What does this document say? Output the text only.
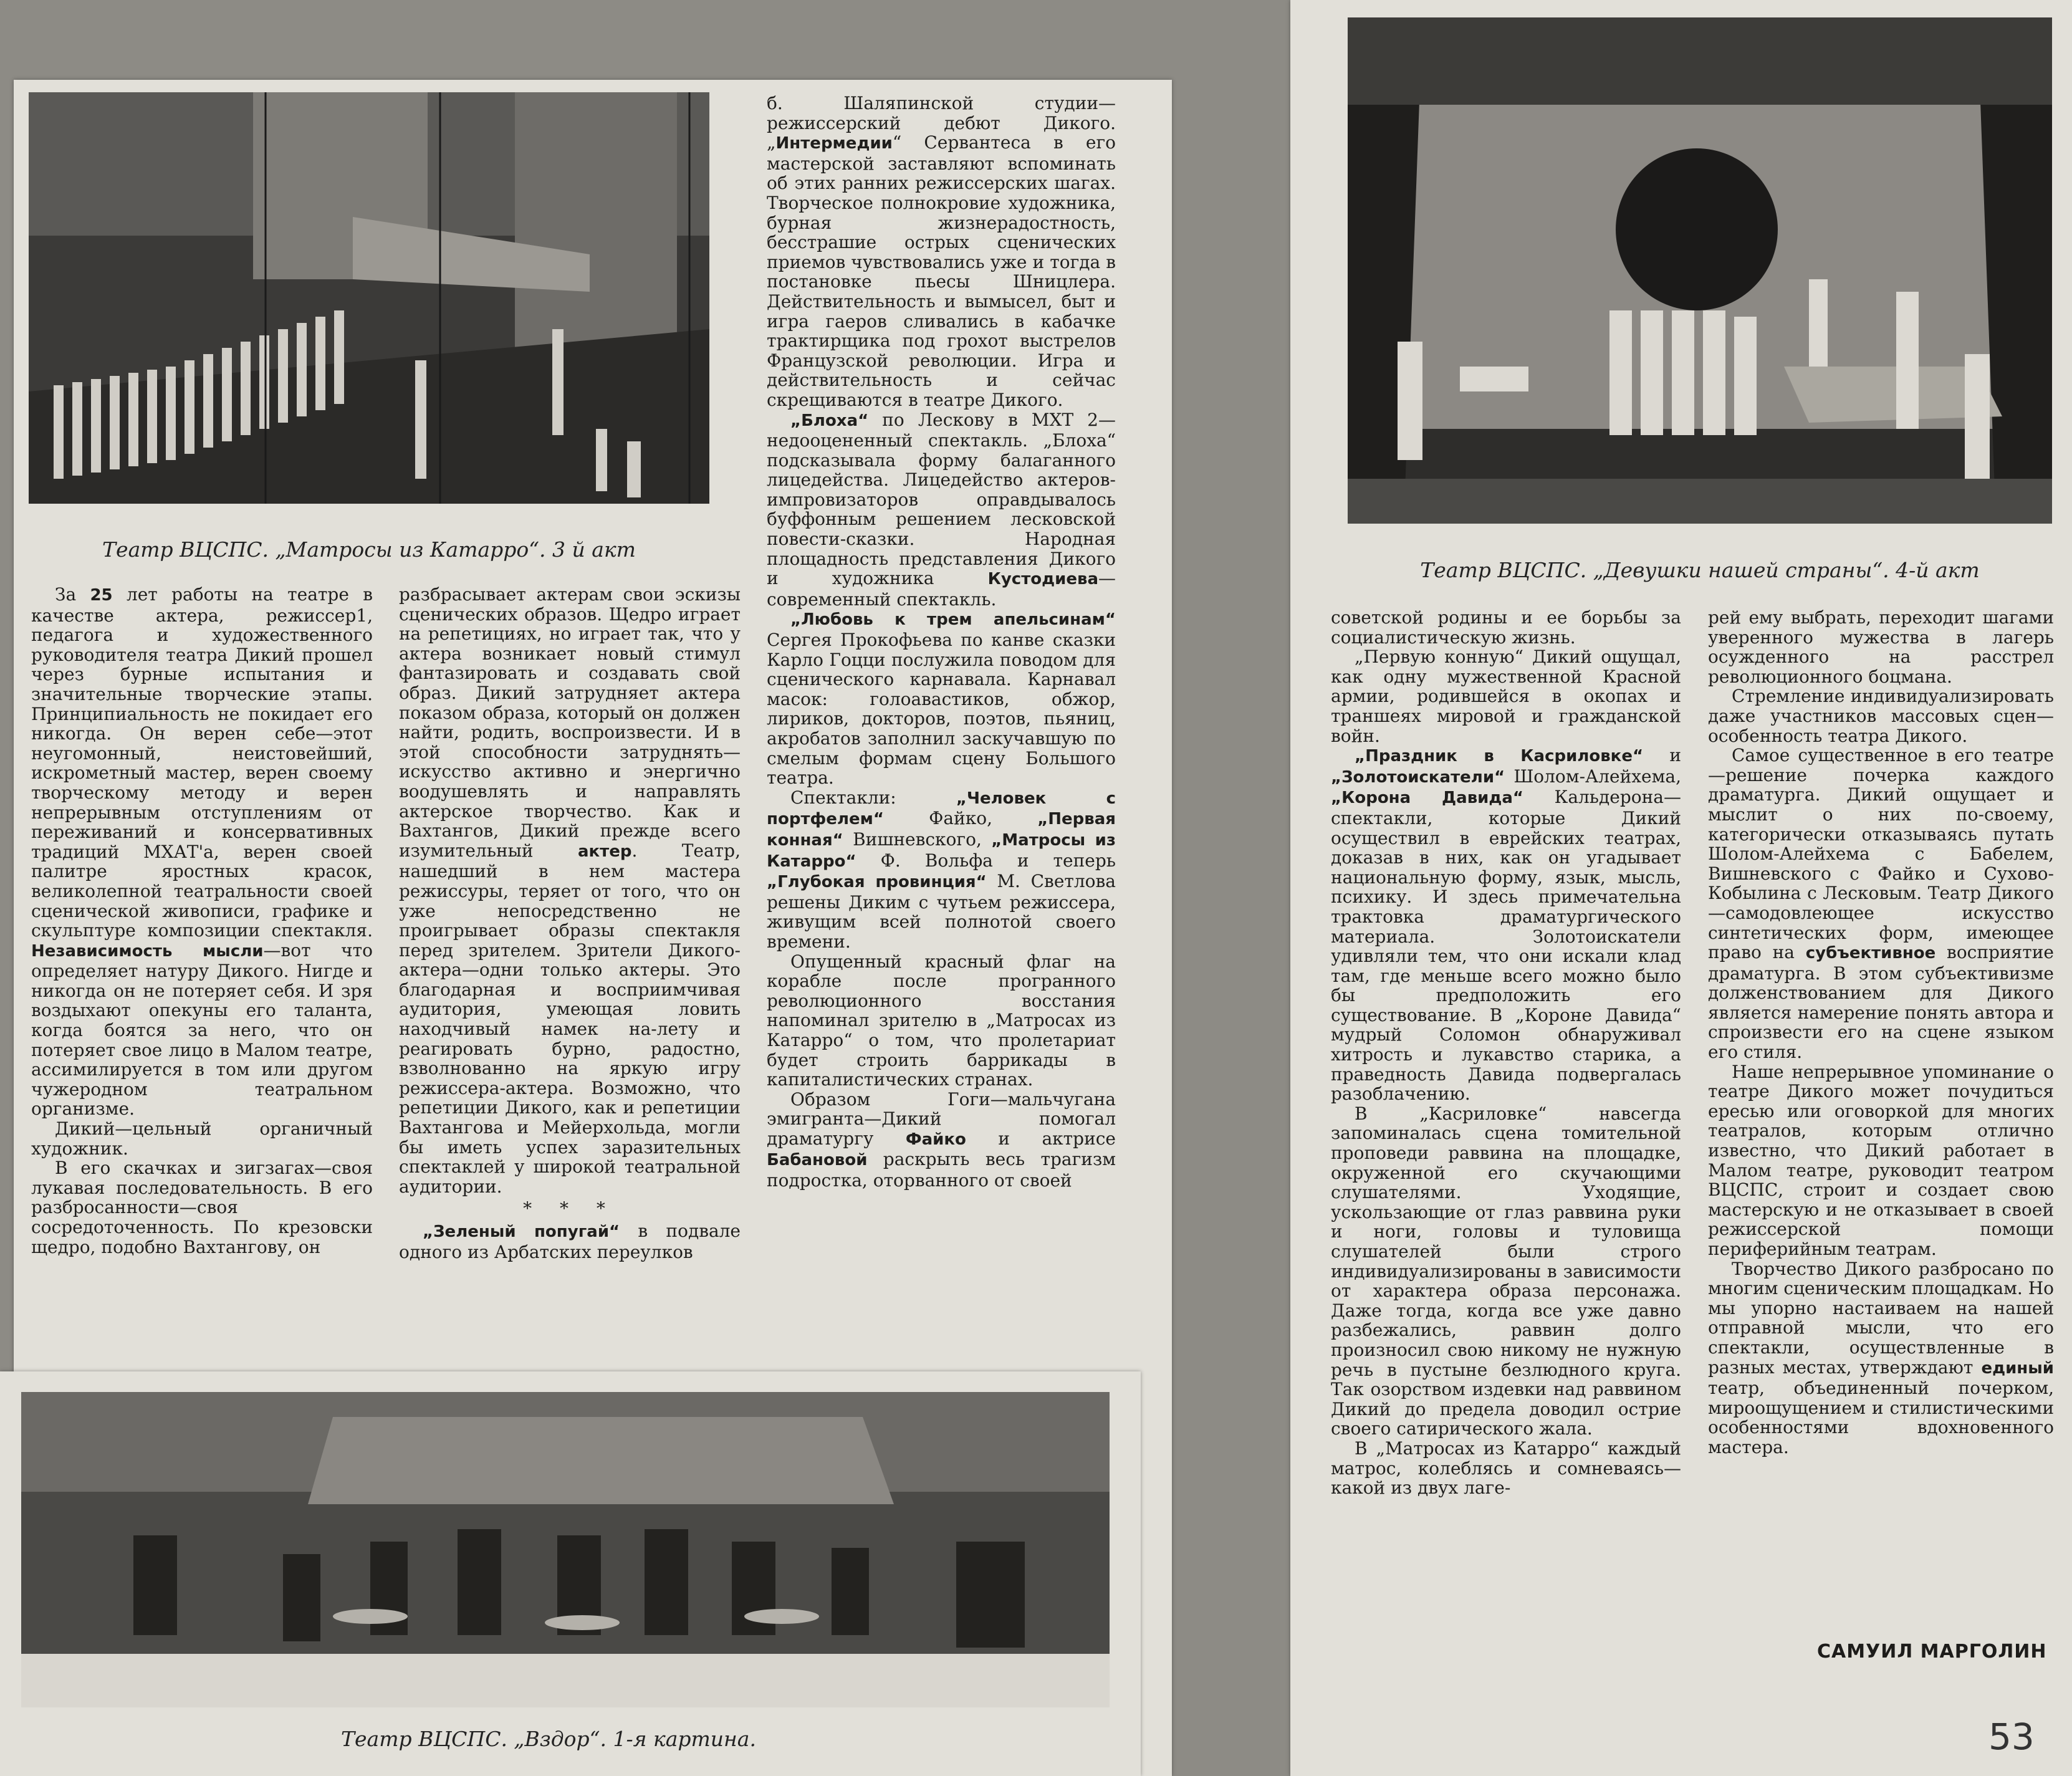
Театр ВЦСПС. „Матросы из Катарро“. 3 й акт

За 25 лет работы на театре в качестве актера, режиссер1, педагога и художественного руководителя театра Дикий прошел через бурные испытания и значительные творческие этапы. Принципиальность не покидает его никогда. Он верен себе—этот неугомонный, неистовейший, искрометный мастер, верен своему творческому методу и верен непрерывным отступлениям от переживаний и консервативных традиций МХАТ'а, верен своей палитре яростных красок, великолепной театральности своей сценической живописи, графике и скульптуре композиции спектакля. Независимость мысли—вот что определяет натуру Дикого. Нигде и никогда он не потеряет себя. И зря воздыхают опекуны его таланта, когда боятся за него, что он потеряет свое лицо в Малом театре, ассимилируется в том или другом чужеродном театральном организме.

Дикий—цельный органичный художник.

В его скачках и зигзагах—своя лукавая последовательность. В его разбросанности—своя сосредоточенность. По крезовски щедро, подобно Вахтангову, он

разбрасывает актерам свои эскизы сценических образов. Щедро играет на репетициях, но играет так, что у актера возникает новый стимул фантазировать и создавать свой образ. Дикий затрудняет актера показом образа, который он должен найти, родить, воспроизвести. И в этой способности затруднять—искусство активно и энергично воодушевлять и направлять актерское творчество. Как и Вахтангов, Дикий прежде всего изумительный актер. Театр, нашедший в нем мастера режиссуры, теряет от того, что он уже непосредственно не проигрывает образы спектакля перед зрителем. Зрители Дикого-актера—одни только актеры. Это благодарная и восприимчивая аудитория, умеющая ловить находчивый намек на-лету и реагировать бурно, радостно, взволнованно на яркую игру режиссера-актера. Возможно, что репетиции Дикого, как и репетиции Вахтангова и Мейерхольда, могли бы иметь успех заразительных спектаклей у широкой театральной аудитории.

* * *

„Зеленый попугай“ в подвале одного из Арбатских переулков

б. Шаляпинской студии—режиссерский дебют Дикого. „Интермедии“ Сервантеса в его мастерской заставляют вспоминать об этих ранних режиссерских шагах. Творческое полнокровие художника, бурная жизнерадостность, бесстрашие острых сценических приемов чувствовались уже и тогда в постановке пьесы Шницлера. Действительность и вымысел, быт и игра гаеров сливались в кабачке трактирщика под грохот выстрелов Французской революции. Игра и действительность и сейчас скрещиваются в театре Дикого.

„Блоха“ по Лескову в МХТ 2—недооцененный спектакль. „Блоха“ подсказывала форму балаганного лицедейства. Лицедейство актеров-импровизаторов оправдывалось буффонным решением лесковской повести-сказки. Народная площадность представления Дикого и художника Кустодиева—современный спектакль.

„Любовь к трем апельсинам“ Сергея Прокофьева по канве сказки Карло Гоцци послужила поводом для сценического карнавала. Карнавал масок: голоавастиков, обжор, лириков, докторов, поэтов, пьяниц, акробатов заполнил заскучавшую по смелым формам сцену Большого театра.

Спектакли: „Человек с портфелем“ Файко, „Первая конная“ Вишневского, „Матросы из Катарро“ Ф. Вольфа и теперь „Глубокая провинция“ М. Светлова решены Диким с чутьем режиссера, живущим всей полнотой своего времени.

Опущенный красный флаг на корабле после програнного революционного восстания напоминал зрителю в „Матросах из Катарро“ о том, что пролетариат будет строить баррикады в капиталистических странах.

Образом Гоги—мальчугана эмигранта—Дикий помогал драматургу Файко и актрисе Бабановой раскрыть весь трагизм подростка, оторванного от своей

Театр ВЦСПС. „Вздор“. 1-я картина.
Театр ВЦСПС. „Девушки нашей страны“. 4-й акт

советской родины и ее борьбы за социалистическую жизнь.

„Первую конную“ Дикий ощущал, как одну мужественной Красной армии, родившейся в окопах и траншеях мировой и гражданской войн.

„Праздник в Касриловке“ и „Золотоискатели“ Шолом-Алейхема, „Корона Давида“ Кальдерона—спектакли, которые Дикий осуществил в еврейских театрах, доказав в них, как он угадывает национальную форму, язык, мысль, психику. И здесь примечательна трактовка драматургического материала. Золотоискатели удивляли тем, что они искали клад там, где меньше всего можно было бы предположить его существование. В „Короне Давида“ мудрый Соломон обнаруживал хитрость и лукавство старика, а праведность Давида подвергалась разоблачению.

В „Касриловке“ навсегда запоминалась сцена томительной проповеди раввина на площадке, окруженной его скучающими слушателями. Уходящие, ускользающие от глаз раввина руки и ноги, головы и туловища слушателей были строго индивидуализированы в зависимости от характера образа персонажа. Даже тогда, когда все уже давно разбежались, раввин долго произносил свою никому не нужную речь в пустыне безлюдного круга. Так озорством издевки над раввином Дикий до предела доводил острие своего сатирического жала.

В „Матросах из Катарро“ каждый матрос, колеблясь и сомневаясь—какой из двух лаге-

рей ему выбрать, переходит шагами уверенного мужества в лагерь осужденного на расстрел революционного боцмана.

Стремление индивидуализировать даже участников массовых сцен—особенность театра Дикого.

Самое существенное в его театре—решение почерка каждого драматурга. Дикий ощущает и мыслит о них по-своему, категорически отказываясь путать Шолом-Алейхема с Бабелем, Вишневского с Файко и Сухово-Кобылина с Лесковым. Театр Дикого—самодовлеющее искусство синтетических форм, имеющее право на субъективное восприятие драматурга. В этом субъективизме долженствованием для Дикого является намерение понять автора и спроизвести его на сцене языком его стиля.

Наше непрерывное упоминание о театре Дикого может почудиться ересью или оговоркой для многих театралов, которым отлично известно, что Дикий работает в Малом театре, руководит театром ВЦСПС, строит и создает свою мастерскую и не отказывает в своей режиссерской помощи периферийным театрам.

Творчество Дикого разбросано по многим сценическим площадкам. Но мы упорно настаиваем на нашей отправной мысли, что его спектакли, осуществленные в разных местах, утверждают единый театр, объединенный почерком, мироощущением и стилистическими особенностями вдохновенного мастера.

САМУИЛ МАРГОЛИН
53
